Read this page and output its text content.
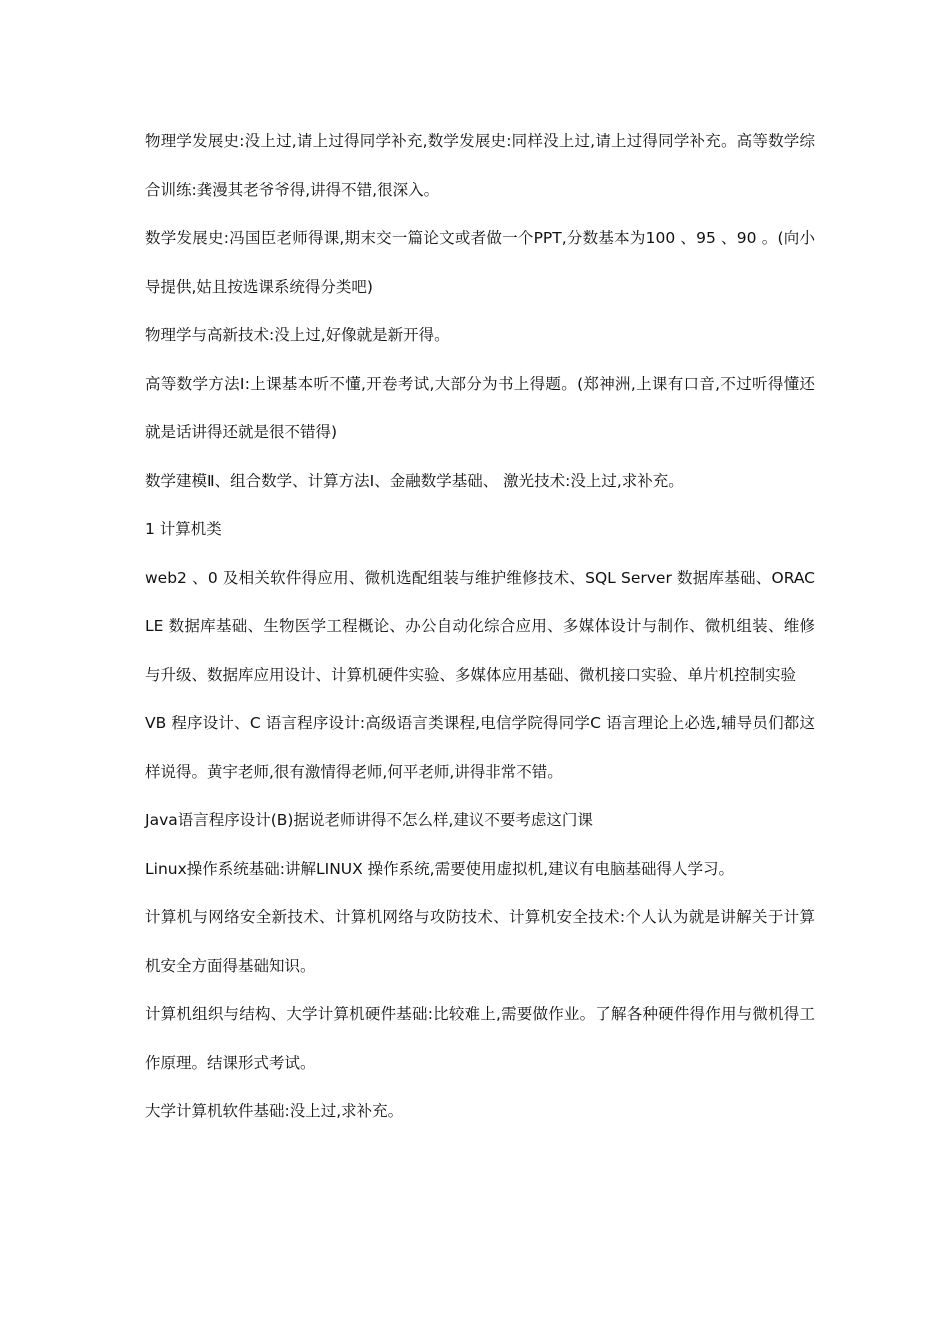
物理学发展史:没上过,请上过得同学补充,数学发展史:同样没上过,请上过得同学补充。高等数学综合训练:龚漫其老爷爷得,讲得不错,很深入。

数学发展史:冯国臣老师得课,期末交一篇论文或者做一个PPT,分数基本为100 、95 、90 。(向小导提供,姑且按选课系统得分类吧)

物理学与高新技术:没上过,好像就是新开得。

高等数学方法Ⅰ:上课基本听不懂,开卷考试,大部分为书上得题。(郑神洲,上课有口音,不过听得懂还就是话讲得还就是很不错得)

数学建模Ⅱ、组合数学、计算方法I、金融数学基础、 激光技术:没上过,求补充。

1 计算机类

web2 、0 及相关软件得应用、微机选配组装与维护维修技术、SQL Server 数据库基础、ORACLE 数据库基础、生物医学工程概论、办公自动化综合应用、多媒体设计与制作、微机组装、维修与升级、数据库应用设计、计算机硬件实验、多媒体应用基础、微机接口实验、单片机控制实验

VB 程序设计、C 语言程序设计:高级语言类课程,电信学院得同学C 语言理论上必选,辅导员们都这样说得。黄宇老师,很有激情得老师,何平老师,讲得非常不错。

Java语言程序设计(B)据说老师讲得不怎么样,建议不要考虑这门课

Linux操作系统基础:讲解LINUX 操作系统,需要使用虚拟机,建议有电脑基础得人学习。

计算机与网络安全新技术、计算机网络与攻防技术、计算机安全技术:个人认为就是讲解关于计算机安全方面得基础知识。

计算机组织与结构、大学计算机硬件基础:比较难上,需要做作业。了解各种硬件得作用与微机得工作原理。结课形式考试。

大学计算机软件基础:没上过,求补充。
